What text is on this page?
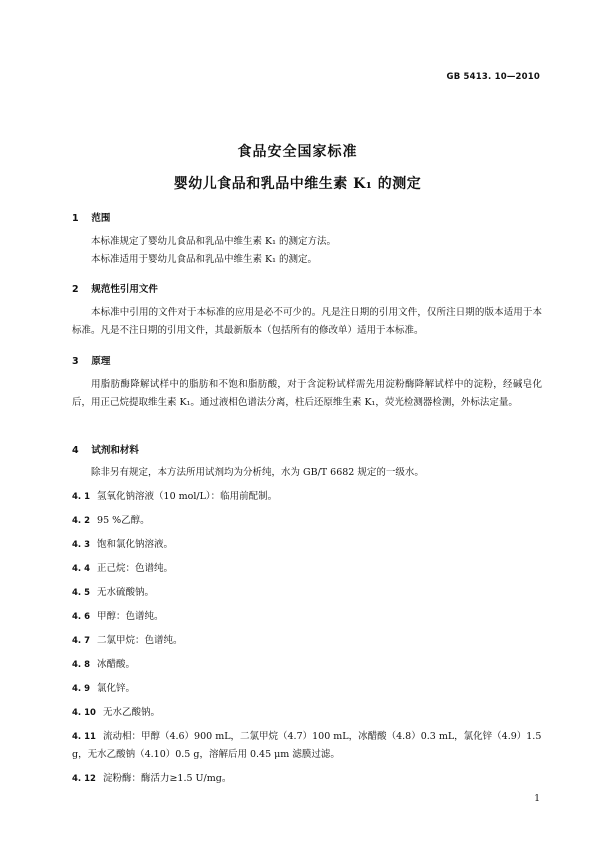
GB 5413. 10—2010
食品安全国家标准
婴幼儿食品和乳品中维生素 K₁ 的测定
1 范围
本标准规定了婴幼儿食品和乳品中维生素 K₁ 的测定方法。
本标准适用于婴幼儿食品和乳品中维生素 K₁ 的测定。
2 规范性引用文件
本标准中引用的文件对于本标准的应用是必不可少的。凡是注日期的引用文件，仅所注日期的版本适用于本标准。凡是不注日期的引用文件，其最新版本（包括所有的修改单）适用于本标准。
3 原理
用脂肪酶降解试样中的脂肪和不饱和脂肪酸，对于含淀粉试样需先用淀粉酶降解试样中的淀粉，经碱皂化后，用正己烷提取维生素 K₁。通过液相色谱法分离，柱后还原维生素 K₁，荧光检测器检测，外标法定量。
4 试剂和材料
除非另有规定，本方法所用试剂均为分析纯，水为 GB/T 6682 规定的一级水。
4. 1 氢氧化钠溶液（10 mol/L）：临用前配制。
4. 2 95 %乙醇。
4. 3 饱和氯化钠溶液。
4. 4 正己烷：色谱纯。
4. 5 无水硫酸钠。
4. 6 甲醇：色谱纯。
4. 7 二氯甲烷：色谱纯。
4. 8 冰醋酸。
4. 9 氯化锌。
4. 10 无水乙酸钠。
4. 11 流动相：甲醇（4.6）900 mL，二氯甲烷（4.7）100 mL，冰醋酸（4.8）0.3 mL，氯化锌（4.9）1.5 g，无水乙酸钠（4.10）0.5 g，溶解后用 0.45 μm 滤膜过滤。
4. 12 淀粉酶：酶活力≥1.5 U/mg。
1
